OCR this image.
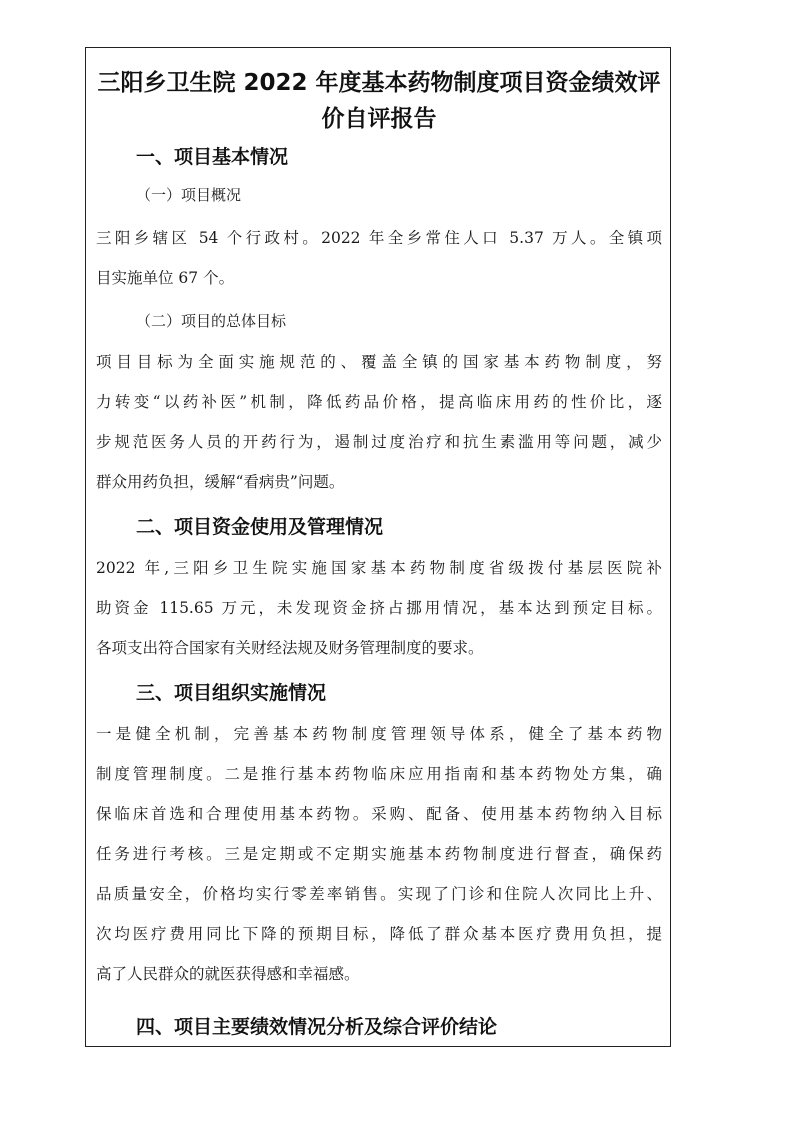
三阳乡卫生院 2022 年度基本药物制度项目资金绩效评
价自评报告
一、项目基本情况
（一）项目概况
三阳乡辖区 54 个行政村。2022 年全乡常住人口 5.37 万人。全镇项
目实施单位 67 个。
（二）项目的总体目标
项目目标为全面实施规范的、覆盖全镇的国家基本药物制度，努
力转变“以药补医”机制，降低药品价格，提高临床用药的性价比，逐
步规范医务人员的开药行为，遏制过度治疗和抗生素滥用等问题，减少
群众用药负担，缓解“看病贵”问题。
二、项目资金使用及管理情况
2022 年,三阳乡卫生院实施国家基本药物制度省级拨付基层医院补
助资金 115.65 万元，未发现资金挤占挪用情况，基本达到预定目标。
各项支出符合国家有关财经法规及财务管理制度的要求。
三、项目组织实施情况
一是健全机制，完善基本药物制度管理领导体系，健全了基本药物
制度管理制度。二是推行基本药物临床应用指南和基本药物处方集，确
保临床首选和合理使用基本药物。采购、配备、使用基本药物纳入目标
任务进行考核。三是定期或不定期实施基本药物制度进行督查，确保药
品质量安全，价格均实行零差率销售。实现了门诊和住院人次同比上升、
次均医疗费用同比下降的预期目标，降低了群众基本医疗费用负担，提
高了人民群众的就医获得感和幸福感。
四、项目主要绩效情况分析及综合评价结论
